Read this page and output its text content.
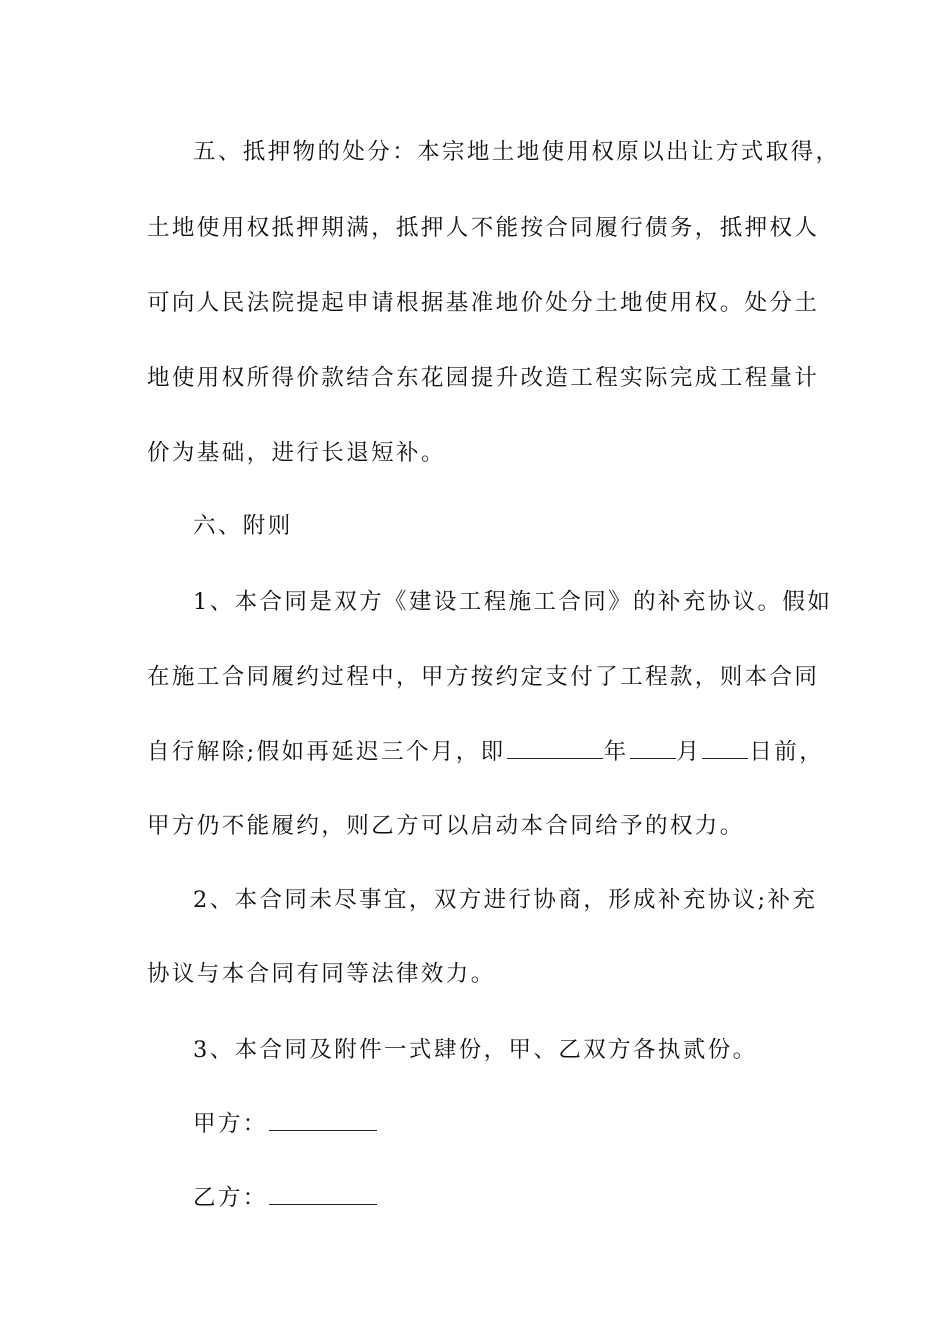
五、抵押物的处分：本宗地土地使用权原以出让方式取得，
土地使用权抵押期满，抵押人不能按合同履行债务，抵押权人
可向人民法院提起申请根据基准地价处分土地使用权。处分土
地使用权所得价款结合东花园提升改造工程实际完成工程量计
价为基础，进行长退短补。
六、附则
1、本合同是双方《建设工程施工合同》的补充协议。假如
在施工合同履约过程中，甲方按约定支付了工程款，则本合同
自行解除;假如再延迟三个月，即	年 月 日前，
甲方仍不能履约，则乙方可以启动本合同给予的权力。
2、本合同未尽事宜，双方进行协商，形成补充协议;补充
协议与本合同有同等法律效力。
3、本合同及附件一式肆份，甲、乙双方各执贰份。
甲方：
乙方：
